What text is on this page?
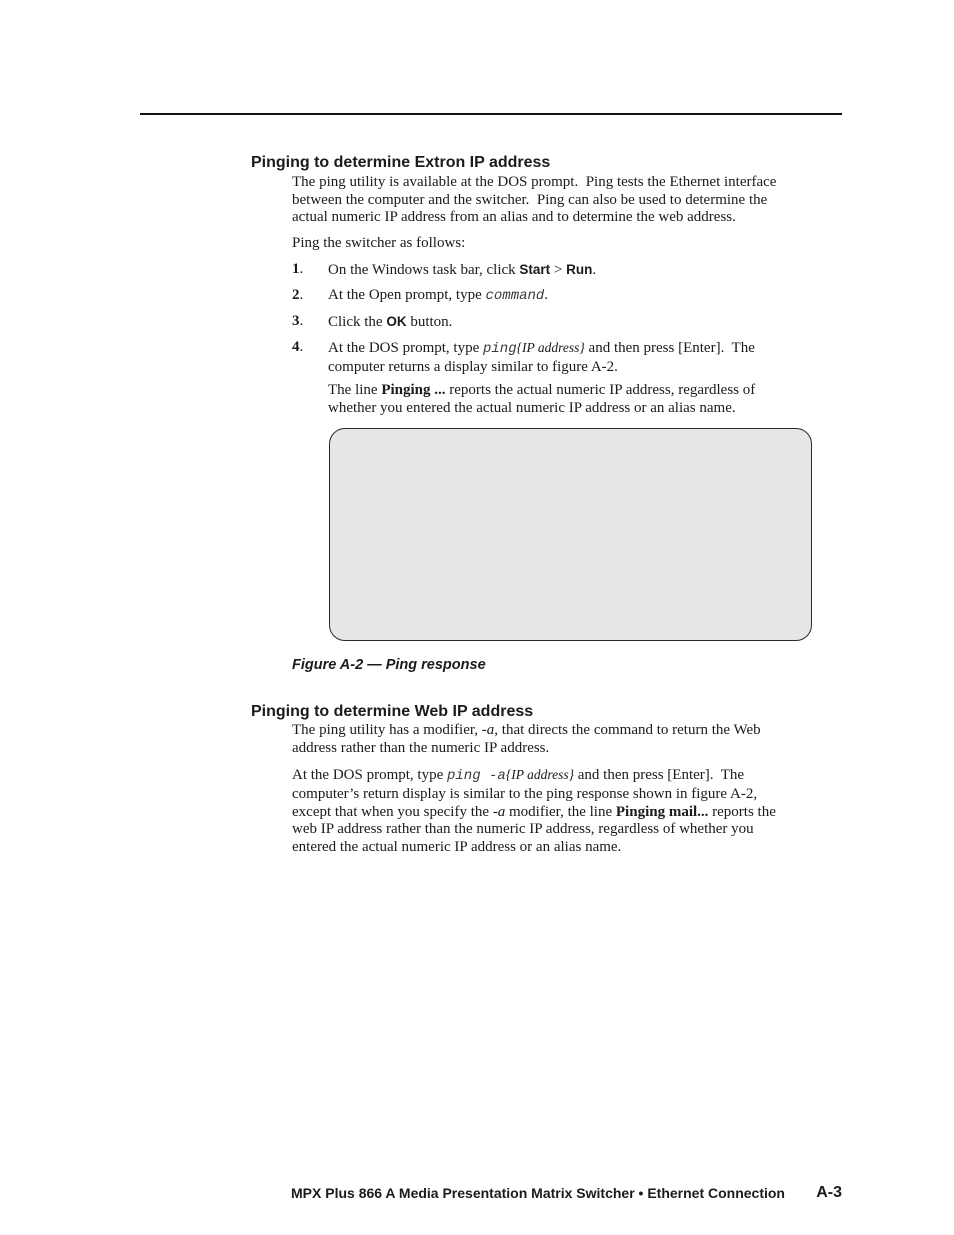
Pinging to determine Extron IP address
The ping utility is available at the DOS prompt.  Ping tests the Ethernet interface
between the computer and the switcher.  Ping can also be used to determine the
actual numeric IP address from an alias and to determine the web address.
Ping the switcher as follows:
1. On the Windows task bar, click Start > Run.
2. At the Open prompt, type command.
3. Click the OK button.
4. At the DOS prompt, type ping{IP address} and then press [Enter].  The
computer returns a display similar to figure A-2.
The line Pinging ... reports the actual numeric IP address, regardless of
whether you entered the actual numeric IP address or an alias name.
Figure A-2 — Ping response
Pinging to determine Web IP address
The ping utility has a modifier, -a, that directs the command to return the Web
address rather than the numeric IP address.
At the DOS prompt, type ping -a{IP address} and then press [Enter].  The
computer’s return display is similar to the ping response shown in figure A-2,
except that when you specify the -a modifier, the line Pinging mail... reports the
web IP address rather than the numeric IP address, regardless of whether you
entered the actual numeric IP address or an alias name.
MPX Plus 866 A Media Presentation Matrix Switcher • Ethernet Connection A-3
